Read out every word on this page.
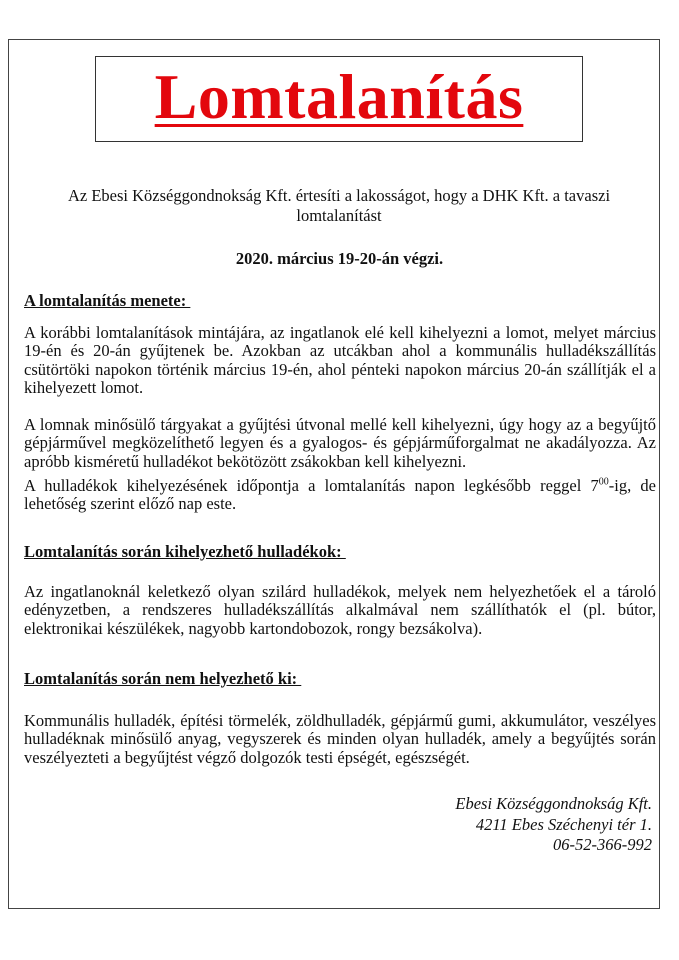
Lomtalanítás
Az Ebesi Községgondnokság Kft. értesíti a lakosságot, hogy a DHK Kft. a tavaszi lomtalanítást
2020. március 19-20-án végzi.
A lomtalanítás menete:
A korábbi lomtalanítások mintájára, az ingatlanok elé kell kihelyezni a lomot, melyet március 19-én és 20-án gyűjtenek be. Azokban az utcákban ahol a kommunális hulladékszállítás csütörtöki napokon történik március 19-én, ahol pénteki napokon március 20-án szállítják el a kihelyezett lomot.
A lomnak minősülő tárgyakat a gyűjtési útvonal mellé kell kihelyezni, úgy hogy az a begyűjtő gépjárművel megközelíthető legyen és a gyalogos- és gépjárműforgalmat ne akadályozza. Az apróbb kisméretű hulladékot bekötözött zsákokban kell kihelyezni.
A hulladékok kihelyezésének időpontja a lomtalanítás napon legkésőbb reggel $7^{00}-ig$, de lehetőség szerint előző nap este.
Lomtalanítás során kihelyezhető hulladékok:
Az ingatlanoknál keletkező olyan szilárd hulladékok, melyek nem helyezhetőek el a tároló edényzetben, a rendszeres hulladékszállítás alkalmával nem szállíthatók el (pl. bútor, elektronikai készülékek, nagyobb kartondobozok, rongy bezsákolva).
Lomtalanítás során nem helyezhető ki:
Kommunális hulladék, építési törmelék, zöldhulladék, gépjármű gumi, akkumulátor, veszélyes hulladéknak minősülő anyag, vegyszerek és minden olyan hulladék, amely a begyűjtés során veszélyezteti a begyűjtést végző dolgozók testi épségét, egészségét.
Ebesi Községgondnokság Kft.
4211 Ebes Széchenyi tér 1.
06-52-366-992
